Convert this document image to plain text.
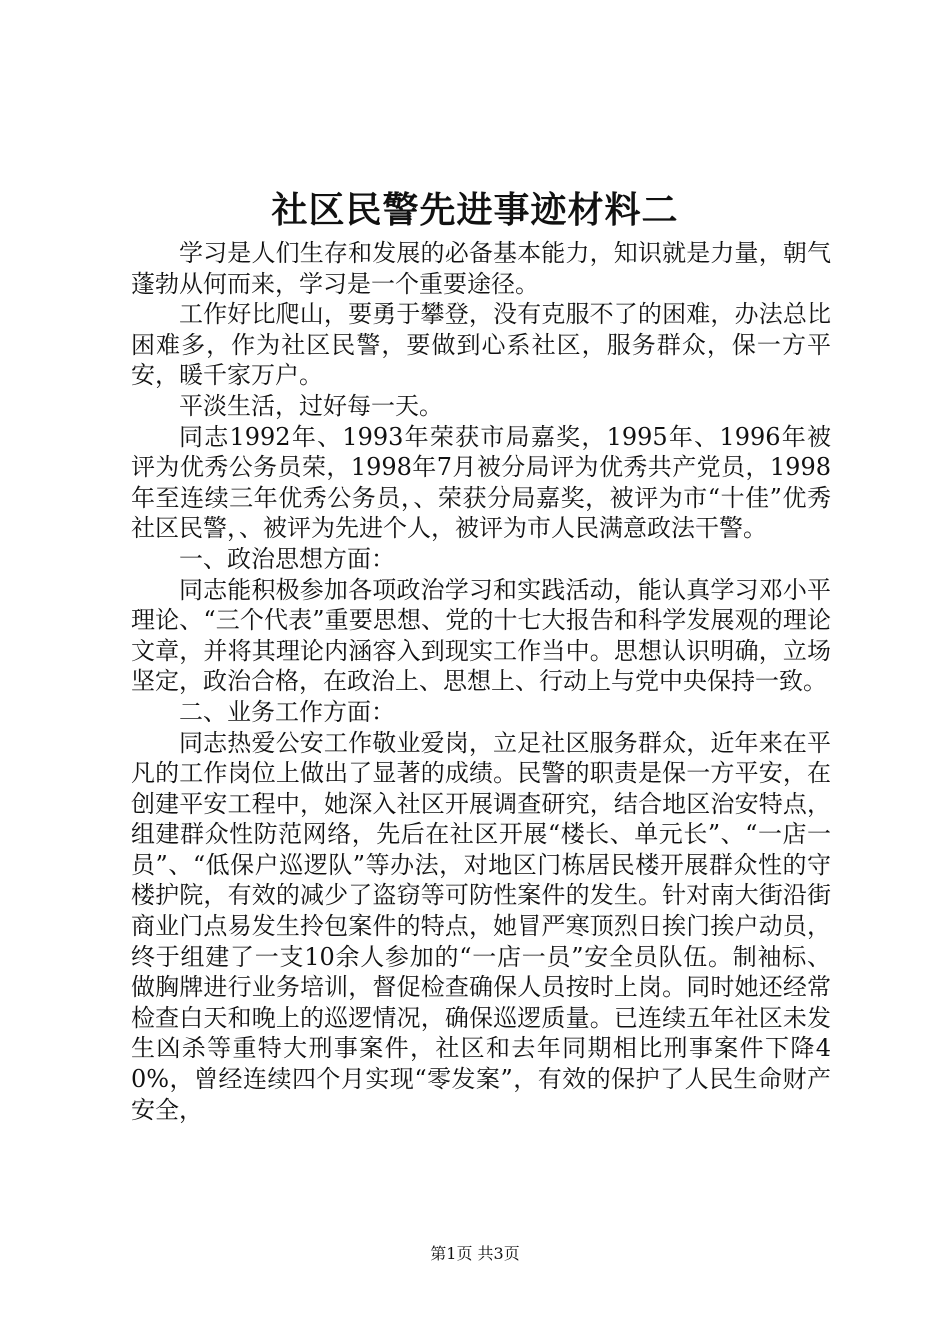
社区民警先进事迹材料二

学习是人们生存和发展的必备基本能力，知识就是力量，朝气蓬勃从何而来，学习是一个重要途径。

工作好比爬山，要勇于攀登，没有克服不了的困难，办法总比困难多，作为社区民警，要做到心系社区，服务群众，保一方平安，暖千家万户。

平淡生活，过好每一天。

同志1992年、1993年荣获市局嘉奖，1995年、1996年被评为优秀公务员荣，1998年7月被分局评为优秀共产党员，1998年至连续三年优秀公务员，、荣获分局嘉奖，被评为市“十佳”优秀社区民警，、被评为先进个人，被评为市人民满意政法干警。

一、政治思想方面：

同志能积极参加各项政治学习和实践活动，能认真学习邓小平理论、“三个代表”重要思想、党的十七大报告和科学发展观的理论文章，并将其理论内涵容入到现实工作当中。思想认识明确，立场坚定，政治合格，在政治上、思想上、行动上与党中央保持一致。

二、业务工作方面：

同志热爱公安工作敬业爱岗，立足社区服务群众，近年来在平凡的工作岗位上做出了显著的成绩。民警的职责是保一方平安，在创建平安工程中，她深入社区开展调查研究，结合地区治安特点，组建群众性防范网络，先后在社区开展“楼长、单元长”、“一店一员”、“低保户巡逻队”等办法，对地区门栋居民楼开展群众性的守楼护院，有效的减少了盗窃等可防性案件的发生。针对南大街沿街商业门点易发生拎包案件的特点，她冒严寒顶烈日挨门挨户动员，终于组建了一支10余人参加的“一店一员”安全员队伍。制袖标、做胸牌进行业务培训，督促检查确保人员按时上岗。同时她还经常检查白天和晚上的巡逻情况，确保巡逻质量。已连续五年社区未发生凶杀等重特大刑事案件，社区和去年同期相比刑事案件下降40%，曾经连续四个月实现“零发案”，有效的保护了人民生命财产安全，

第1页 共3页
